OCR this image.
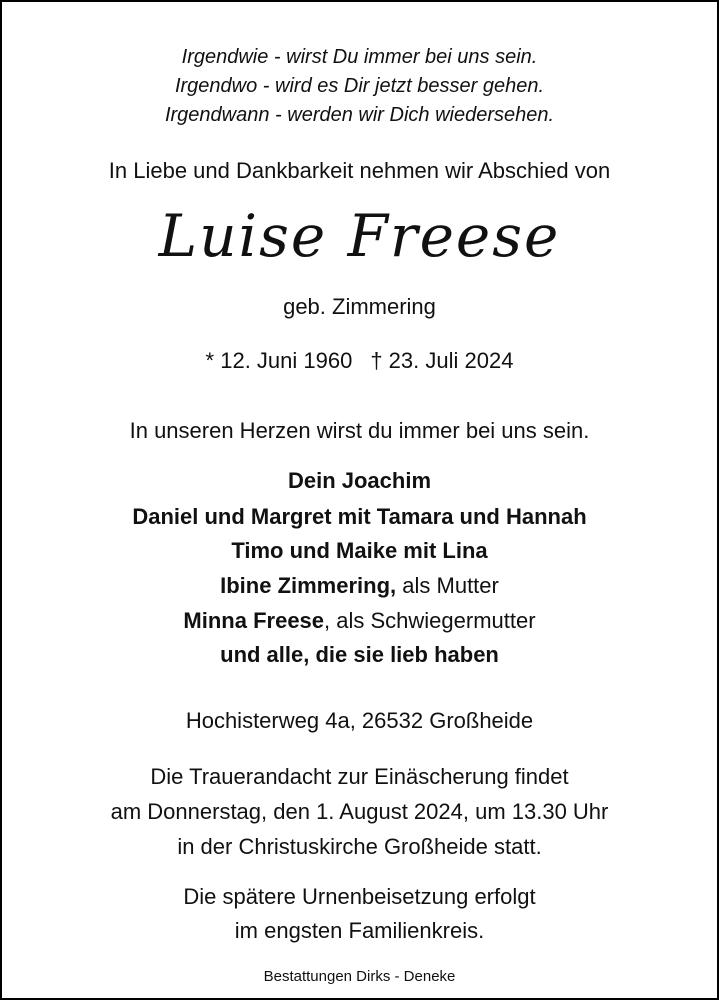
Irgendwie - wirst Du immer bei uns sein.
Irgendwo - wird es Dir jetzt besser gehen.
Irgendwann - werden wir Dich wiedersehen.
In Liebe und Dankbarkeit nehmen wir Abschied von
Luise Freese
geb. Zimmering
* 12. Juni 1960 † 23. Juli 2024
In unseren Herzen wirst du immer bei uns sein.
Dein Joachim
Daniel und Margret mit Tamara und Hannah
Timo und Maike mit Lina
Ibine Zimmering, als Mutter
Minna Freese, als Schwiegermutter
und alle, die sie lieb haben
Hochisterweg 4a, 26532 Großheide
Die Trauerandacht zur Einäscherung findet
am Donnerstag, den 1. August 2024, um 13.30 Uhr
in der Christuskirche Großheide statt.
Die spätere Urnenbeisetzung erfolgt
im engsten Familienkreis.
Bestattungen Dirks - Deneke
